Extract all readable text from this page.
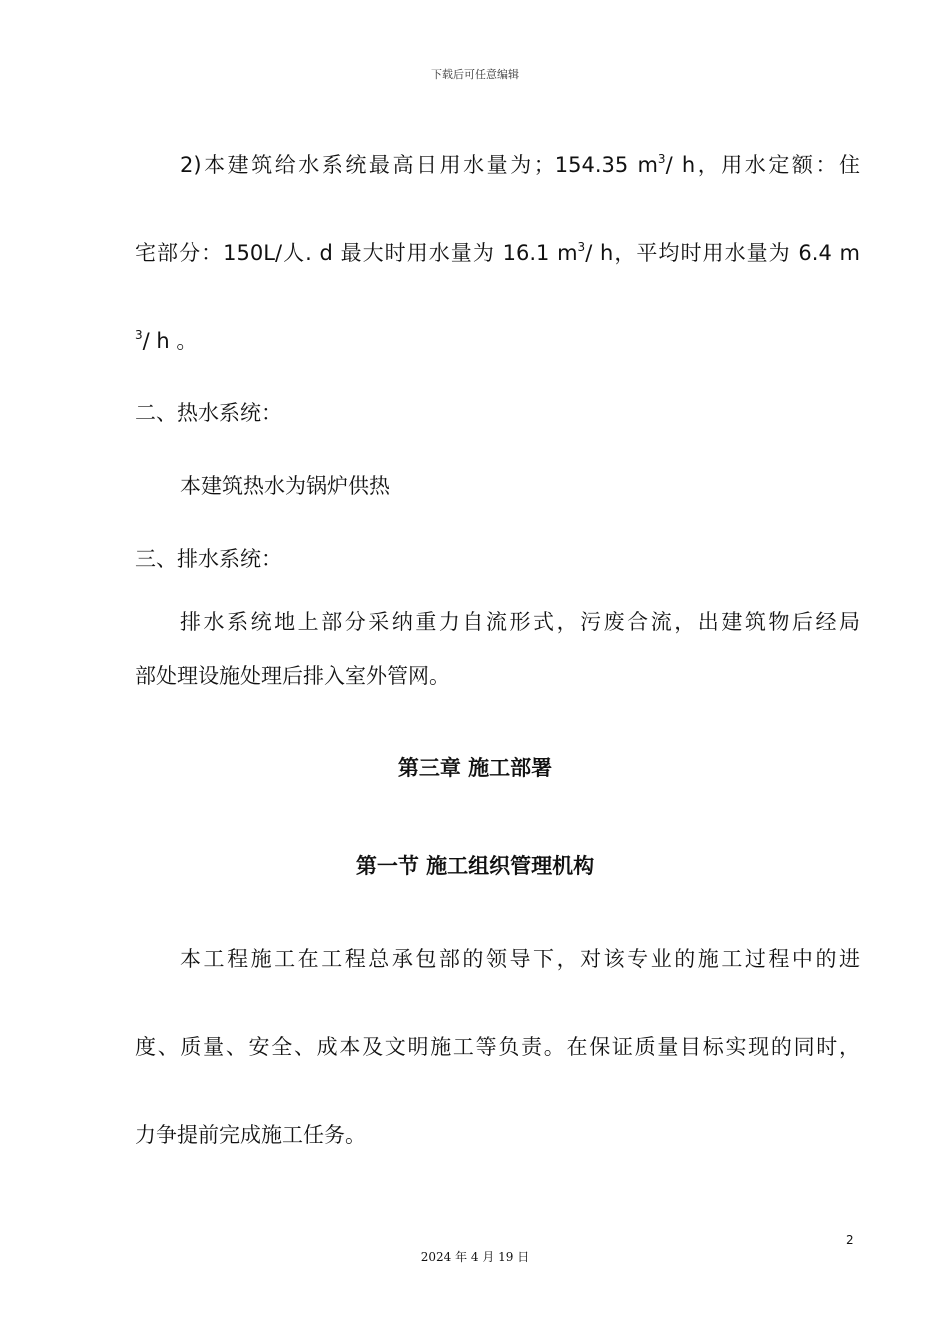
下载后可任意编辑
2)本建筑给水系统最高日用水量为；154.35 $m^3/$ h，用水定额：住
宅部分：150L/人. d 最大时用水量为 16.1 $m^3/$ h，平均时用水量为 6.4 m
$^3$/ h 。
二、热水系统：
本建筑热水为锅炉供热
三、排水系统：
排水系统地上部分采纳重力自流形式，污废合流，出建筑物后经局
部处理设施处理后排入室外管网。
第三章 施工部署
第一节 施工组织管理机构
本工程施工在工程总承包部的领导下，对该专业的施工过程中的进
度、质量、安全、成本及文明施工等负责。在保证质量目标实现的同时，
力争提前完成施工任务。
2
2024 年 4 月 19 日
